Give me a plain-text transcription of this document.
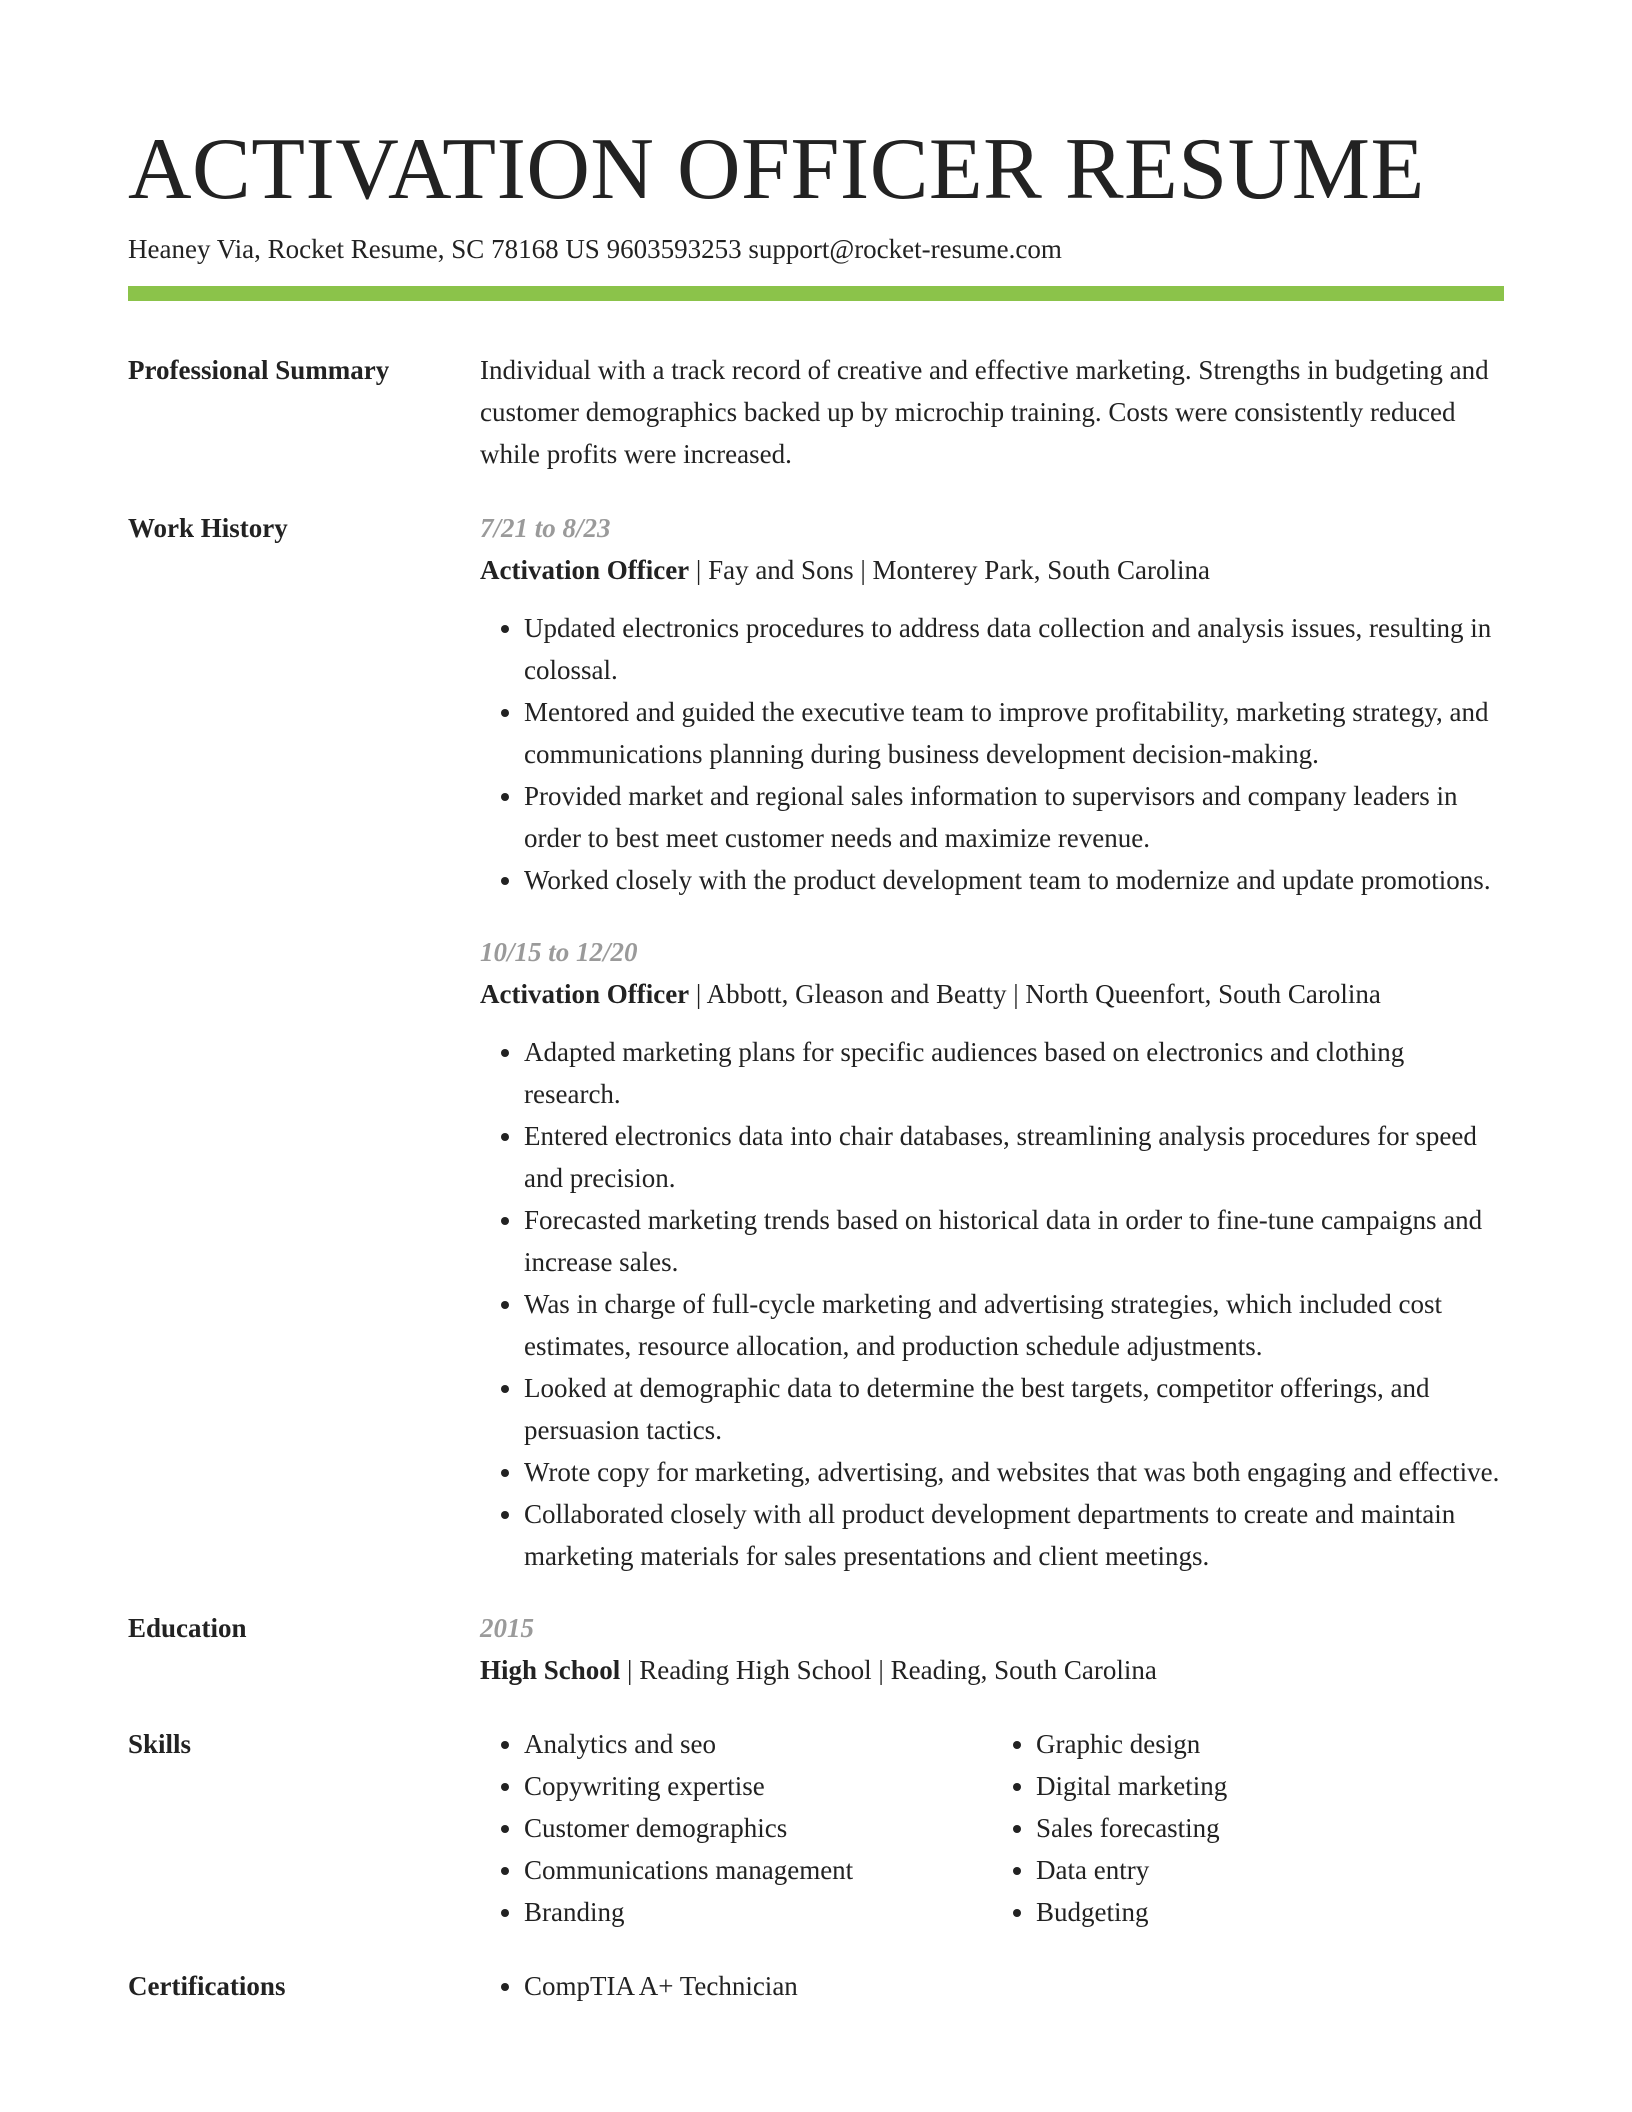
ACTIVATION OFFICER RESUME
Heaney Via, Rocket Resume, SC 78168 US 9603593253 support@rocket-resume.com
Professional Summary	Individual with a track record of creative and effective marketing. Strengths in budgeting and customer demographics backed up by microchip training. Costs were consistently reduced while profits were increased.
Work History	7/21 to 8/23
Activation Officer | Fay and Sons | Monterey Park, South Carolina
• Updated electronics procedures to address data collection and analysis issues, resulting in colossal.
• Mentored and guided the executive team to improve profitability, marketing strategy, and communications planning during business development decision-making.
• Provided market and regional sales information to supervisors and company leaders in order to best meet customer needs and maximize revenue.
• Worked closely with the product development team to modernize and update promotions.
10/15 to 12/20
Activation Officer | Abbott, Gleason and Beatty | North Queenfort, South Carolina
• Adapted marketing plans for specific audiences based on electronics and clothing research.
• Entered electronics data into chair databases, streamlining analysis procedures for speed and precision.
• Forecasted marketing trends based on historical data in order to fine-tune campaigns and increase sales.
• Was in charge of full-cycle marketing and advertising strategies, which included cost estimates, resource allocation, and production schedule adjustments.
• Looked at demographic data to determine the best targets, competitor offerings, and persuasion tactics.
• Wrote copy for marketing, advertising, and websites that was both engaging and effective.
• Collaborated closely with all product development departments to create and maintain marketing materials for sales presentations and client meetings.
Education	2015
High School | Reading High School | Reading, South Carolina
Skills	• Analytics and seo
• Copywriting expertise
• Customer demographics
• Communications management
• Branding
• Graphic design
• Digital marketing
• Sales forecasting
• Data entry
• Budgeting
Certifications	• CompTIA A+ Technician
